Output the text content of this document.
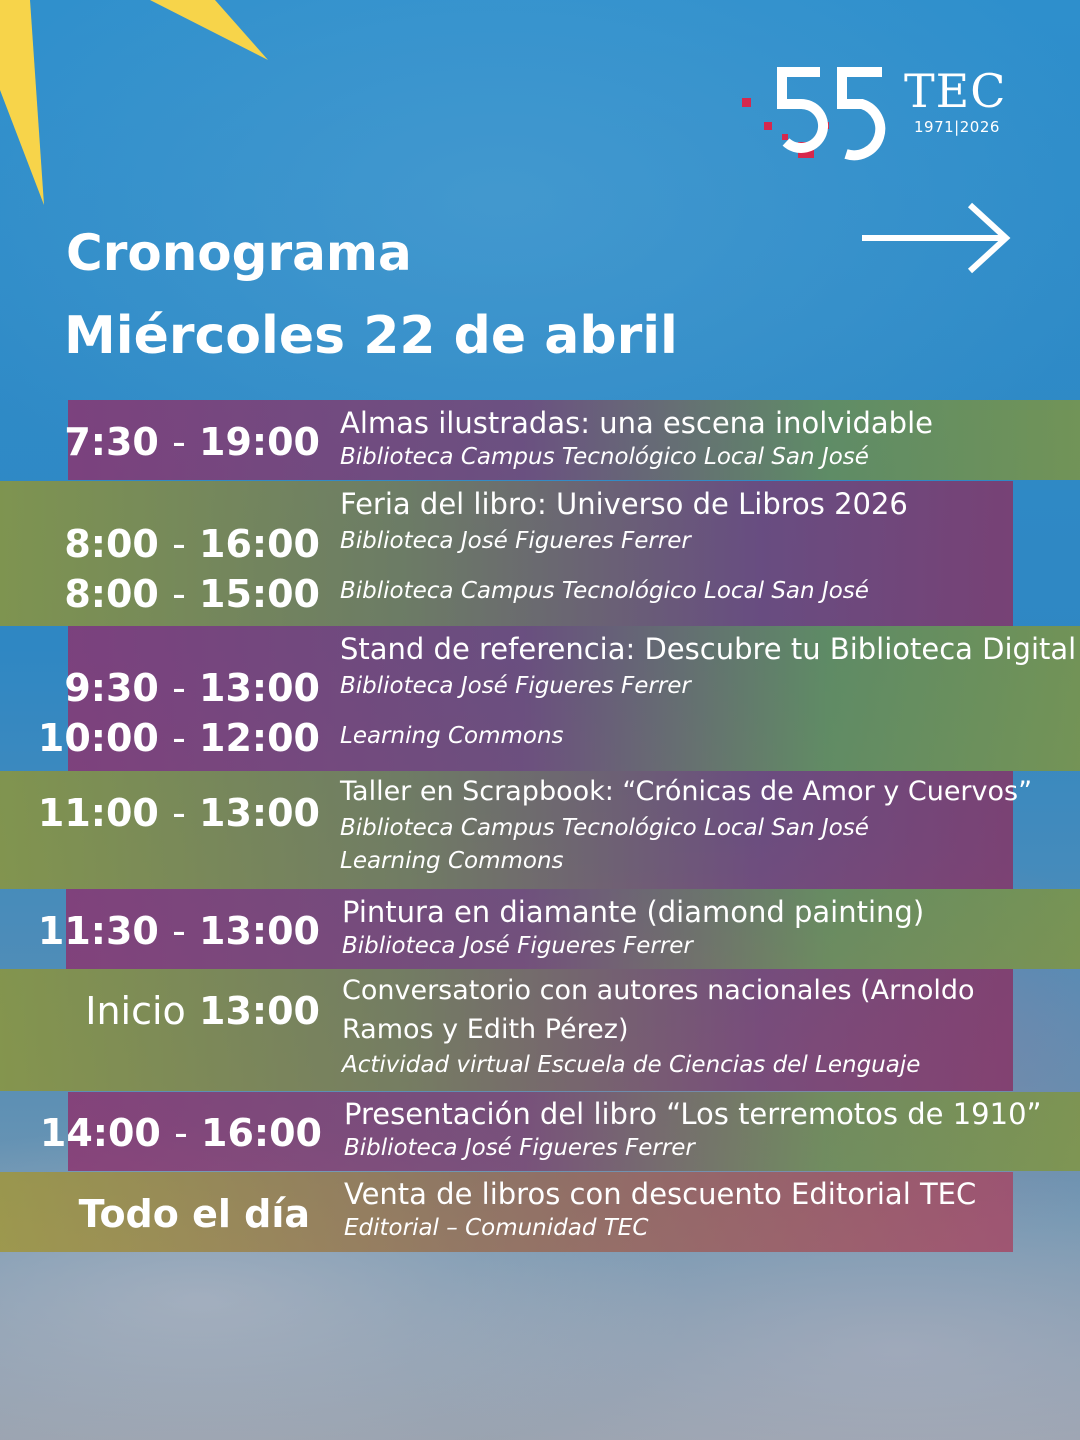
TEC
1971|2026
Cronograma
Miércoles 22 de abril
7:30 - 19:00 Almas ilustradas: una escena inolvidable
Biblioteca Campus Tecnológico Local San José
Feria del libro: Universo de Libros 2026
8:00 - 16:00 Biblioteca José Figueres Ferrer
8:00 - 15:00 Biblioteca Campus Tecnológico Local San José
Stand de referencia: Descubre tu Biblioteca Digital
9:30 - 13:00 Biblioteca José Figueres Ferrer
10:00 - 12:00 Learning Commons
11:00 - 13:00 Taller en Scrapbook: “Crónicas de Amor y Cuervos”
Biblioteca Campus Tecnológico Local San José
Learning Commons
11:30 - 13:00 Pintura en diamante (diamond painting)
Biblioteca José Figueres Ferrer
Inicio 13:00 Conversatorio con autores nacionales (Arnoldo
Ramos y Edith Pérez)
Actividad virtual Escuela de Ciencias del Lenguaje
14:00 - 16:00 Presentación del libro “Los terremotos de 1910”
Biblioteca José Figueres Ferrer
Todo el día Venta de libros con descuento Editorial TEC
Editorial – Comunidad TEC
